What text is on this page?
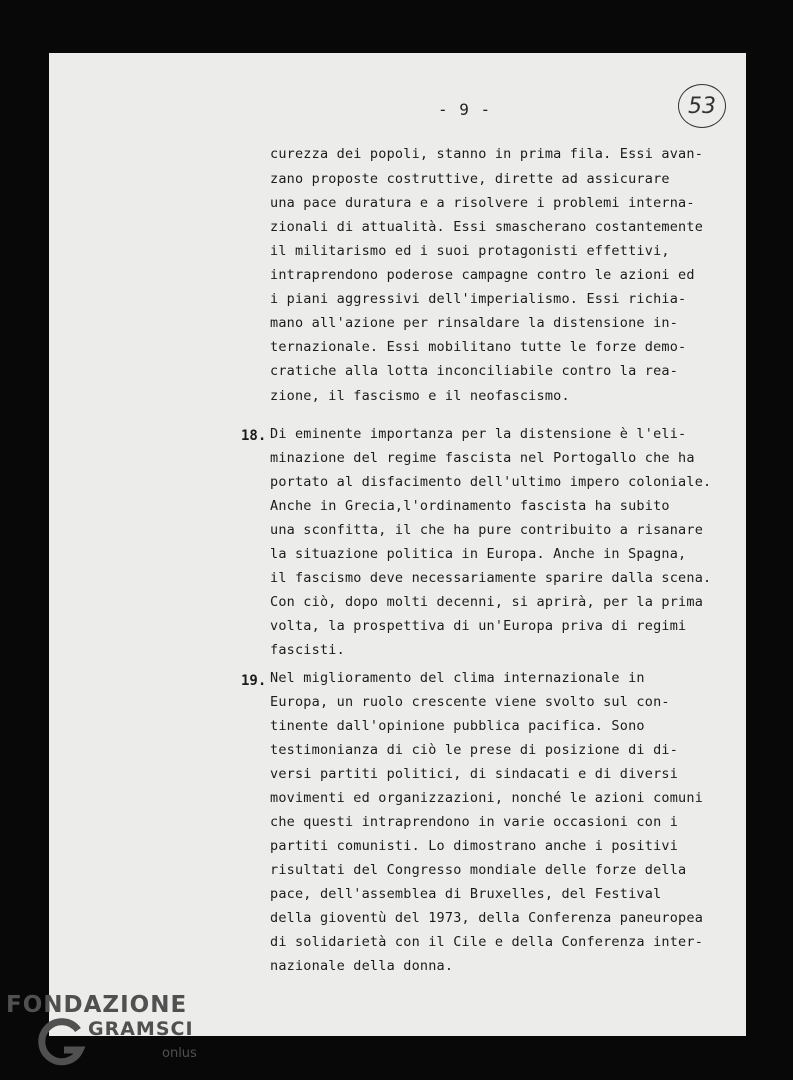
- 9 -	53
curezza dei popoli, stanno in prima fila. Essi avan-
zano proposte costruttive, dirette ad assicurare
una pace duratura e a risolvere i problemi interna-
zionali di attualità. Essi smascherano costantemente
il militarismo ed i suoi protagonisti effettivi,
intraprendono poderose campagne contro le azioni ed
i piani aggressivi dell'imperialismo. Essi richia-
mano all'azione per rinsaldare la distensione in-
ternazionale. Essi mobilitano tutte le forze demo-
cratiche alla lotta inconciliabile contro la rea-
zione, il fascismo e il neofascismo.
18. Di eminente importanza per la distensione è l'eli-
minazione del regime fascista nel Portogallo che ha
portato al disfacimento dell'ultimo impero coloniale.
Anche in Grecia,l'ordinamento fascista ha subito
una sconfitta, il che ha pure contribuito a risanare
la situazione politica in Europa. Anche in Spagna,
il fascismo deve necessariamente sparire dalla scena.
Con ciò, dopo molti decenni, si aprirà, per la prima
volta, la prospettiva di un'Europa priva di regimi
fascisti.
19. Nel miglioramento del clima internazionale in
Europa, un ruolo crescente viene svolto sul con-
tinente dall'opinione pubblica pacifica. Sono
testimonianza di ciò le prese di posizione di di-
versi partiti politici, di sindacati e di diversi
movimenti ed organizzazioni, nonché le azioni comuni
che questi intraprendono in varie occasioni con i
partiti comunisti. Lo dimostrano anche i positivi
risultati del Congresso mondiale delle forze della
pace, dell'assemblea di Bruxelles, del Festival
della gioventù del 1973, della Conferenza paneuropea
di solidarietà con il Cile e della Conferenza inter-
nazionale della donna.
FONDAZIONE
GRAMSCI
onlus
